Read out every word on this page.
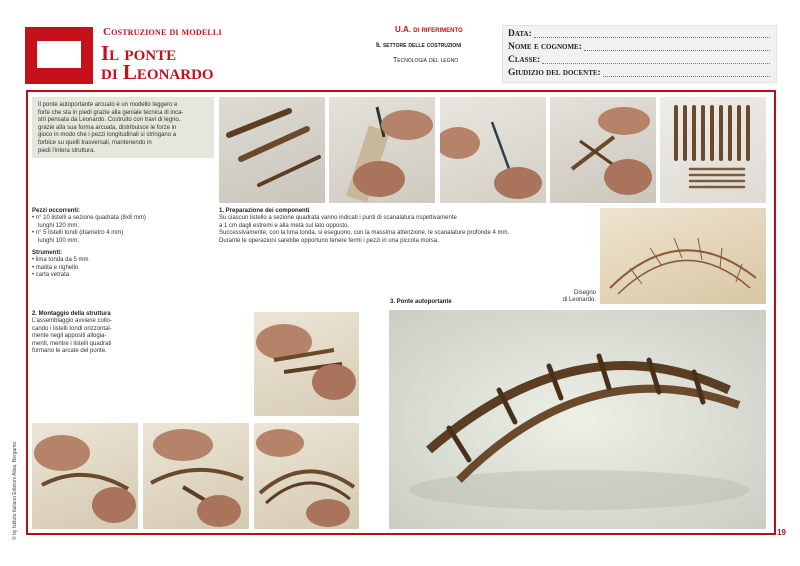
Costruzione di modelli
Il ponte
di Leonardo
U.A. di riferimento
Il settore delle costruzioni
Tecnologia del legno
Data:
Nome e cognome:
Classe:
Giudizio del docente:
Il ponte autoportante arcuato è un modello leggero e
forte che sta in piedi grazie alla geniale tecnica di inca-
stri pensata da Leonardo. Costruito con travi di legno,
grazie alla sua forma arcuata, distribuisce le forze in
gioco in modo che i pezzi longitudinali si stringano a
forbice su quelli trasversali, mantenendo in
piedi l'intera struttura.
Pezzi occorrenti:
• n° 10 listelli a sezione quadrata (8x8 mm)
lunghi 120 mm;
• n° 5 listelli tondi (diametro 4 mm)
lunghi 100 mm;
Strumenti:
• lima tonda da 5 mm
• matita e righello
• carta vetrata
1. Preparazione dei componenti
Su ciascun listello a sezione quadrata vanno indicati i punti di scanalatura rispettivamente
a 1 cm dagli estremi e alla metà sul lato opposto.
Successivamente, con la lima tonda, si eseguono, con la massima attenzione, le scanalature profonde 4 mm.
Durante le operazioni sarebbe opportuno tenere fermi i pezzi in una piccola morsa.
Disegno
di Leonardo.
2. Montaggio della struttura
L'assemblaggio avviene collo-
cando i listelli tondi orizzontal-
mente negli appositi allogia-
menti, mentre i listelli quadrati
formano le arcate del ponte.
3. Ponte autoportante
19
© by Istituto Italiano Edizioni Atlas, Bergamo
